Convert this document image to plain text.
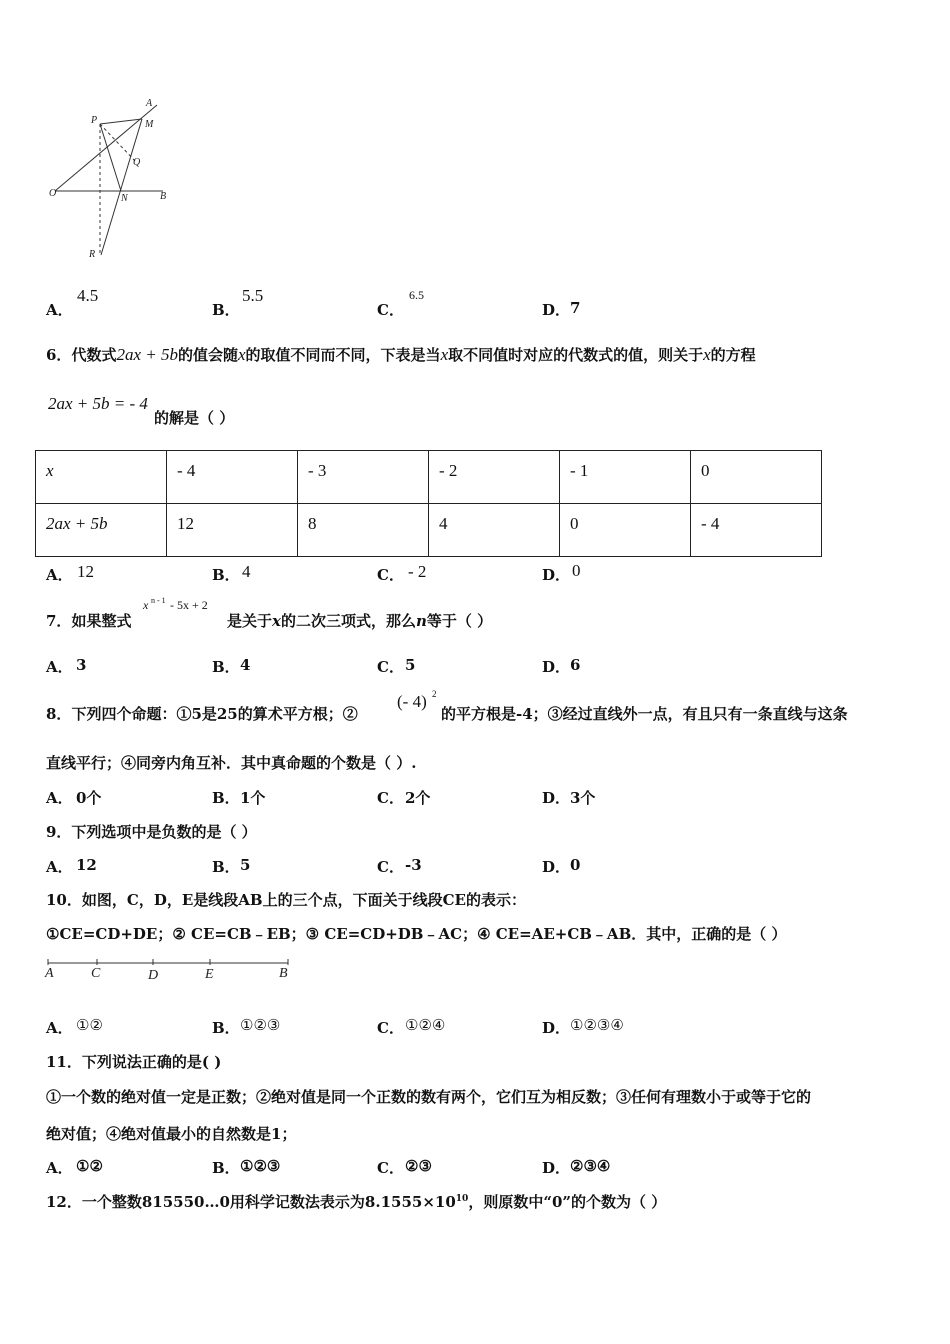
A
M
P
Q
O	N	B
R
A．
4.5
B．
5.5
C．
6.5
D． 7
6．代数式2ax + 5b的值会随x的取值不同而不同，下表是当x取不同值时对应的代数式的值，则关于x的方程
2ax + 5b = - 4
的解是（ ）
x	- 4	- 3	- 2	- 1	0
2ax + 5b	12	8	4	0	- 4
A． 12	B． 4	C． - 2	D． 0
7．如果整式
x n - 1 - 5x + 2
是关于x的二次三项式，那么n等于（ ）
A． 3	B． 4	C． 5	D． 6
8．下列四个命题：①5是25的算术平方根；②
(- 4) 2
的平方根是-4；③经过直线外一点，有且只有一条直线与这条
直线平行；④同旁内角互补．其中真命题的个数是（ ）.
A． 0个	B． 1个	C． 2个	D． 3个
9．下列选项中是负数的是（ ）
A． 12	B． 5	C． -3	D． 0
10．如图，C，D，E是线段AB上的三个点，下面关于线段CE的表示：
①CE=CD+DE；② CE=CB﹣EB；③ CE=CD+DB﹣AC；④ CE=AE+CB﹣AB．其中，正确的是（ ）
A	C	D	E	B
A． ①②	B． ①②③	C． ①②④	D． ①②③④
11．下列说法正确的是( )
①一个数的绝对值一定是正数；②绝对值是同一个正数的数有两个，它们互为相反数；③任何有理数小于或等于它的
绝对值；④绝对值最小的自然数是1；
A． ①②	B． ①②③	C． ②③	D． ②③④
12．一个整数815550…0用科学记数法表示为$8.1555\times 10^{10}$，则原数中“0”的个数为（ ）
